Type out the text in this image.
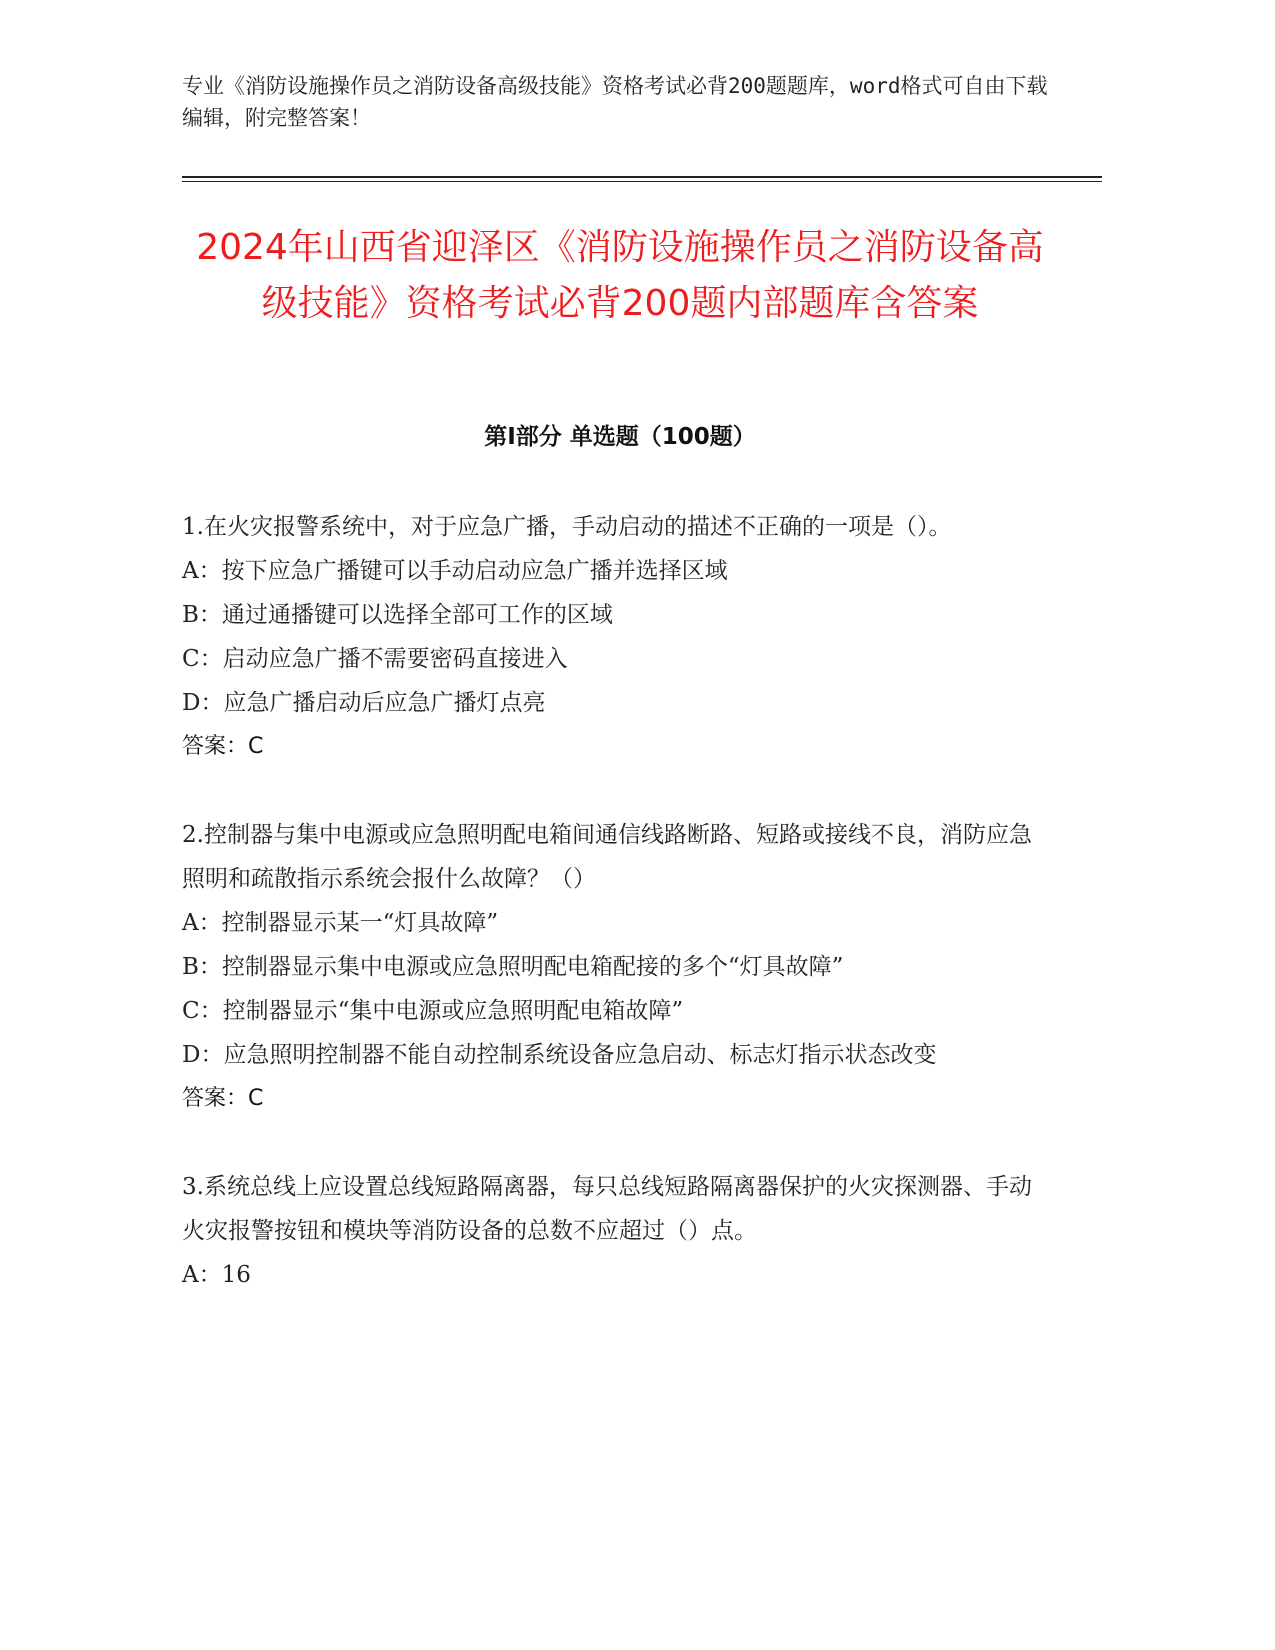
专业《消防设施操作员之消防设备高级技能》资格考试必背200题题库，word格式可自由下载编辑，附完整答案！
2024年山西省迎泽区《消防设施操作员之消防设备高级技能》资格考试必背200题内部题库含答案
第Ⅰ部分 单选题（100题）

1.在火灾报警系统中，对于应急广播，手动启动的描述不正确的一项是（）。

A：按下应急广播键可以手动启动应急广播并选择区域

B：通过通播键可以选择全部可工作的区域

C：启动应急广播不需要密码直接进入

D：应急广播启动后应急广播灯点亮

答案：C

2.控制器与集中电源或应急照明配电箱间通信线路断路、短路或接线不良，消防应急照明和疏散指示系统会报什么故障？（）

A：控制器显示某一“灯具故障”

B：控制器显示集中电源或应急照明配电箱配接的多个“灯具故障”

C：控制器显示“集中电源或应急照明配电箱故障”

D：应急照明控制器不能自动控制系统设备应急启动、标志灯指示状态改变

答案：C

3.系统总线上应设置总线短路隔离器，每只总线短路隔离器保护的火灾探测器、手动火灾报警按钮和模块等消防设备的总数不应超过（）点。

A：16
